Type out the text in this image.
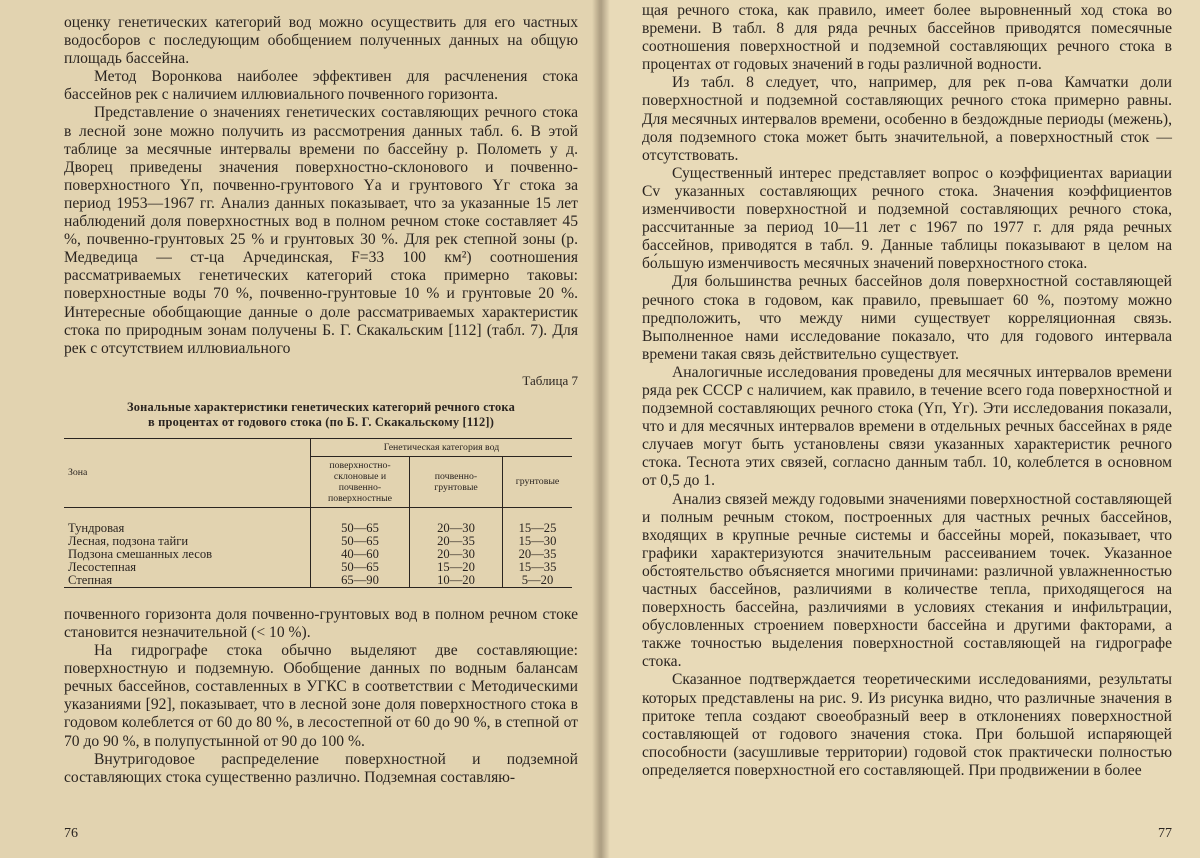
оценку генетических категорий вод можно осуществить для его частных водосборов с последующим обобщением полученных данных на общую площадь бассейна.

Метод Воронкова наиболее эффективен для расчленения стока бассейнов рек с наличием иллювиального почвенного горизонта.

Представление о значениях генетических составляющих речного стока в лесной зоне можно получить из рассмотрения данных табл. 6. В этой таблице за месячные интервалы времени по бассейну р. Полометь у д. Дворец приведены значения поверхностно-склонового и почвенно-поверхностного Yп, почвенно-грунтового Yа и грунтового Yг стока за период 1953—1967 гг. Анализ данных показывает, что за указанные 15 лет наблюдений доля поверхностных вод в полном речном стоке составляет 45 %, почвенно-грунтовых 25 % и грунтовых 30 %. Для рек степной зоны (р. Медведица — ст-ца Арчединская, F=33 100 км²) соотношения рассматриваемых генетических категорий стока примерно таковы: поверхностные воды 70 %, почвенно-грунтовые 10 % и грунтовые 20 %. Интересные обобщающие данные о доле рассматриваемых характеристик стока по природным зонам получены Б. Г. Скакальским [112] (табл. 7). Для рек с отсутствием иллювиального

Таблица 7

Зональные характеристики генетических категорий речного стока
в процентах от годового стока (по Б. Г. Скакальскому [112])
Зона	Генетическая категория вод		
	поверхностно-склоновые и почвенно-поверхностные	почвенно-грунтовые	грунтовые

Тундровая	50—65	20—30	15—25
Лесная, подзона тайги	50—65	20—35	15—30
Подзона смешанных лесов	40—60	20—30	20—35
Лесостепная	50—65	15—20	15—35
Степная	65—90	10—20	5—20

почвенного горизонта доля почвенно-грунтовых вод в полном речном стоке становится незначительной (< 10 %).

На гидрографе стока обычно выделяют две составляющие: поверхностную и подземную. Обобщение данных по водным балансам речных бассейнов, составленных в УГКС в соответствии с Методическими указаниями [92], показывает, что в лесной зоне доля поверхностного стока в годовом колеблется от 60 до 80 %, в лесостепной от 60 до 90 %, в степной от 70 до 90 %, в полупустынной от 90 до 100 %.

Внутригодовое распределение поверхностной и подземной составляющих стока существенно различно. Подземная составляю-

76

щая речного стока, как правило, имеет более выровненный ход стока во времени. В табл. 8 для ряда речных бассейнов приводятся помесячные соотношения поверхностной и подземной составляющих речного стока в процентах от годовых значений в годы различной водности.

Из табл. 8 следует, что, например, для рек п-ова Камчатки доли поверхностной и подземной составляющих речного стока примерно равны. Для месячных интервалов времени, особенно в бездождные периоды (межень), доля подземного стока может быть значительной, а поверхностный сток — отсутствовать.

Существенный интерес представляет вопрос о коэффициентах вариации Cv указанных составляющих речного стока. Значения коэффициентов изменчивости поверхностной и подземной составляющих речного стока, рассчитанные за период 10—11 лет с 1967 по 1977 г. для ряда речных бассейнов, приводятся в табл. 9. Данные таблицы показывают в целом на бо́льшую изменчивость месячных значений поверхностного стока.

Для большинства речных бассейнов доля поверхностной составляющей речного стока в годовом, как правило, превышает 60 %, поэтому можно предположить, что между ними существует корреляционная связь. Выполненное нами исследование показало, что для годового интервала времени такая связь действительно существует.

Аналогичные исследования проведены для месячных интервалов времени ряда рек СССР с наличием, как правило, в течение всего года поверхностной и подземной составляющих речного стока (Yп, Yг). Эти исследования показали, что и для месячных интервалов времени в отдельных речных бассейнах в ряде случаев могут быть установлены связи указанных характеристик речного стока. Теснота этих связей, согласно данным табл. 10, колеблется в основном от 0,5 до 1.

Анализ связей между годовыми значениями поверхностной составляющей и полным речным стоком, построенных для частных речных бассейнов, входящих в крупные речные системы и бассейны морей, показывает, что графики характеризуются значительным рассеиванием точек. Указанное обстоятельство объясняется многими причинами: различной увлажненностью частных бассейнов, различиями в количестве тепла, приходящегося на поверхность бассейна, различиями в условиях стекания и инфильтрации, обусловленных строением поверхности бассейна и другими факторами, а также точностью выделения поверхностной составляющей на гидрографе стока.

Сказанное подтверждается теоретическими исследованиями, результаты которых представлены на рис. 9. Из рисунка видно, что различные значения в притоке тепла создают своеобразный веер в отклонениях поверхностной составляющей от годового значения стока. При большой испаряющей способности (засушливые территории) годовой сток практически полностью определяется поверхностной его составляющей. При продвижении в более

77
